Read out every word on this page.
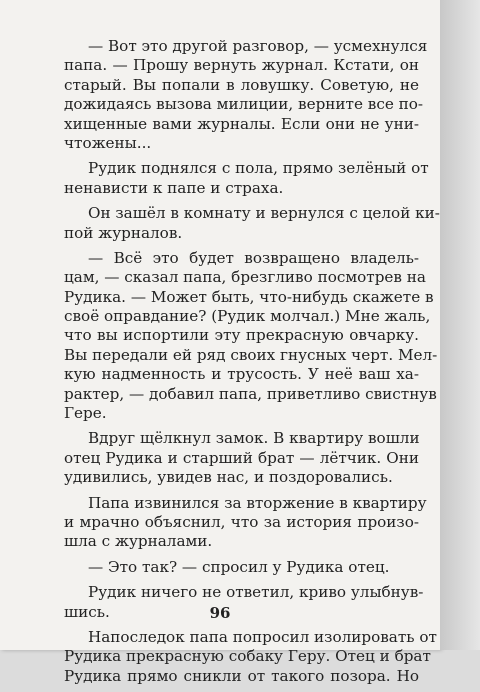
— Вот это другой разговор, — усмехнулся
папа. — Прошу вернуть журнал. Кстати, он
старый. Вы попали в ловушку. Советую, не
дожидаясь вызова милиции, верните все по-
хищенные вами журналы. Если они не уни-
чтожены...
Рудик поднялся с пола, прямо зелёный от
ненависти к папе и страха.
Он зашёл в комнату и вернулся с целой ки-
пой журналов.
— Всё это будет возвращено владель-
цам, — сказал папа, брезгливо посмотрев на
Рудика. — Может быть, что-нибудь скажете в
своё оправдание? (Рудик молчал.) Мне жаль,
что вы испортили эту прекрасную овчарку.
Вы передали ей ряд своих гнусных черт. Мел-
кую надменность и трусость. У неё ваш ха-
рактер, — добавил папа, приветливо свистнув
Гере.
Вдруг щёлкнул замок. В квартиру вошли
отец Рудика и старший брат — лётчик. Они
удивились, увидев нас, и поздоровались.
Папа извинился за вторжение в квартиру
и мрачно объяснил, что за история произо-
шла с журналами.
— Это так? — спросил у Рудика отец.
Рудик ничего не ответил, криво улыбнув-
шись.
Напоследок папа попросил изолировать от
Рудика прекрасную собаку Геру. Отец и брат
Рудика прямо сникли от такого позора. Но
96
